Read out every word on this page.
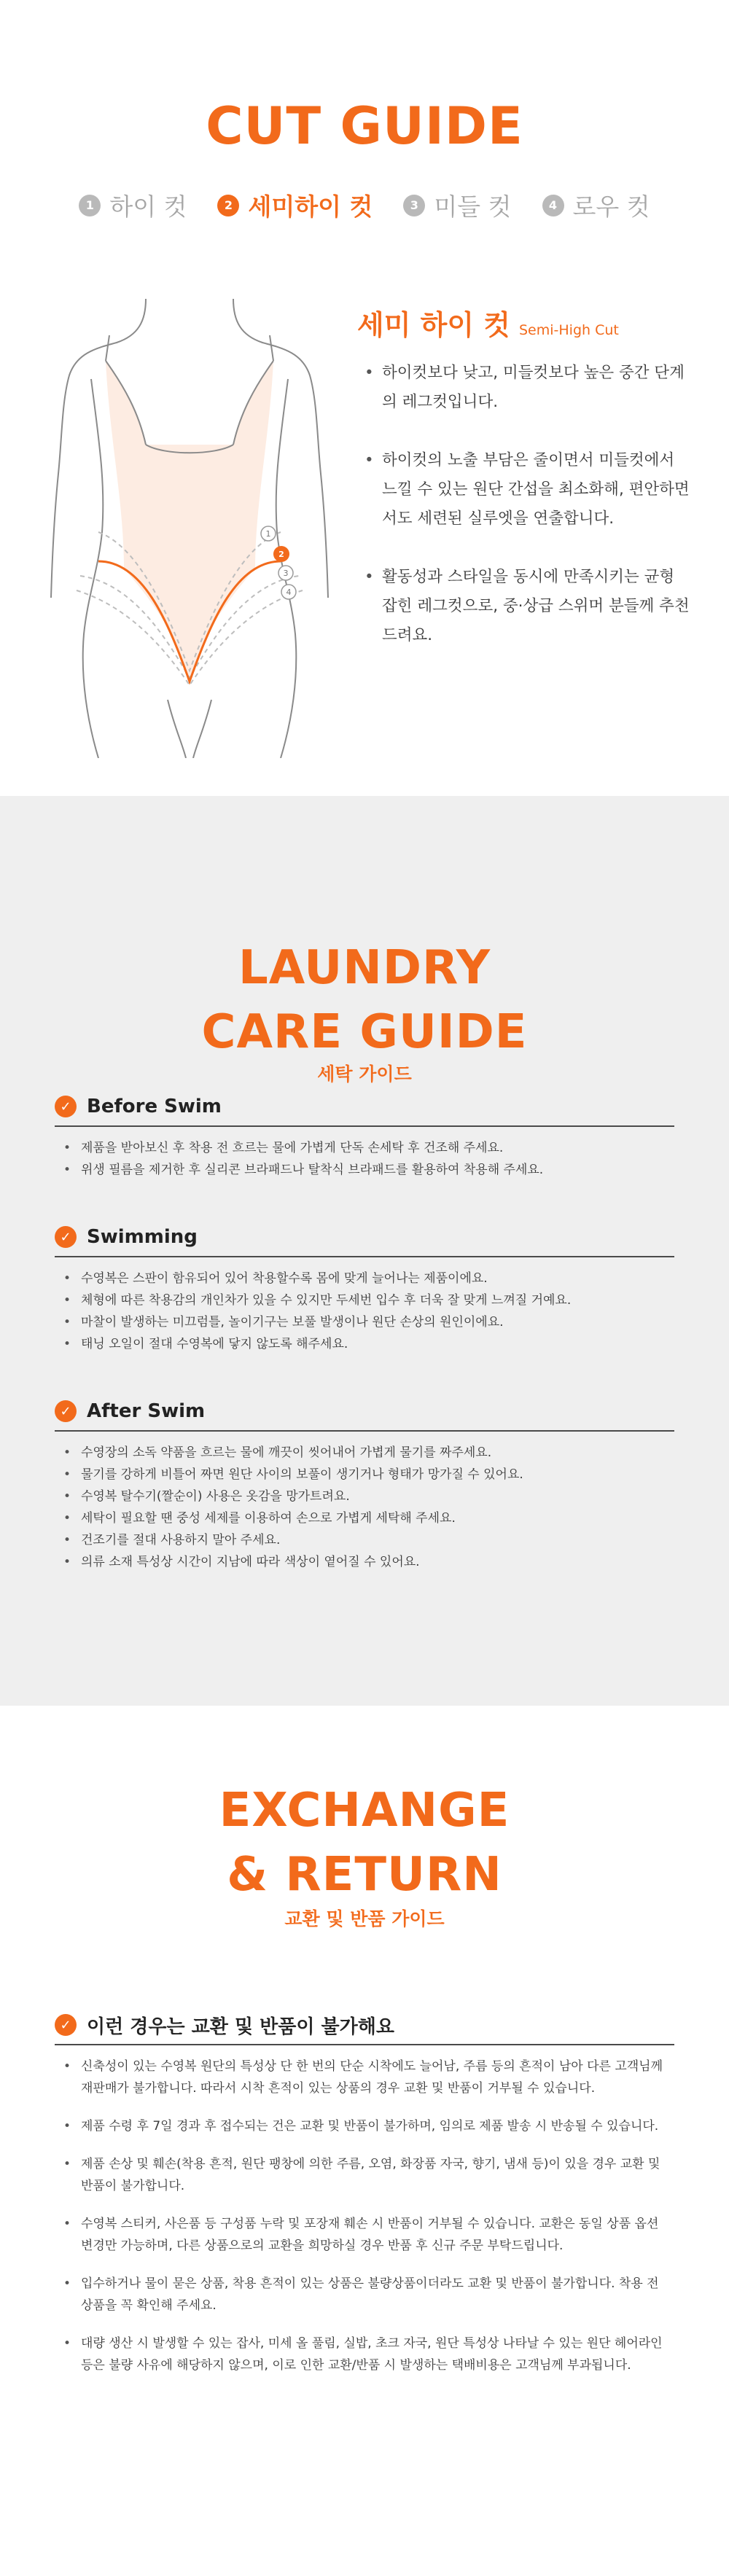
CUT GUIDE
1 하이 컷	2 세미하이 컷	3 미들 컷	4 로우 컷
1
2
3
4
세미 하이 컷 Semi-High Cut
• 하이컷보다 낮고, 미들컷보다 높은 중간 단계의 레그컷입니다.
• 하이컷의 노출 부담은 줄이면서 미들컷에서 느낄 수 있는 원단 간섭을 최소화해, 편안하면서도 세련된 실루엣을 연출합니다.
• 활동성과 스타일을 동시에 만족시키는 균형 잡힌 레그컷으로, 중·상급 스위머 분들께 추천드려요.
LAUNDRY
CARE GUIDE
세탁 가이드
✓ Before Swim
• 제품을 받아보신 후 착용 전 흐르는 물에 가볍게 단독 손세탁 후 건조해 주세요.
• 위생 필름을 제거한 후 실리콘 브라패드나 탈착식 브라패드를 활용하여 착용해 주세요.
✓ Swimming
• 수영복은 스판이 함유되어 있어 착용할수록 몸에 맞게 늘어나는 제품이에요.
• 체형에 따른 착용감의 개인차가 있을 수 있지만 두세번 입수 후 더욱 잘 맞게 느껴질 거예요.
• 마찰이 발생하는 미끄럼틀, 놀이기구는 보풀 발생이나 원단 손상의 원인이에요.
• 태닝 오일이 절대 수영복에 닿지 않도록 해주세요.
✓ After Swim
• 수영장의 소독 약품을 흐르는 물에 깨끗이 씻어내어 가볍게 물기를 짜주세요.
• 물기를 강하게 비틀어 짜면 원단 사이의 보풀이 생기거나 형태가 망가질 수 있어요.
• 수영복 탈수기(짤순이) 사용은 옷감을 망가트려요.
• 세탁이 필요할 땐 중성 세제를 이용하여 손으로 가볍게 세탁해 주세요.
• 건조기를 절대 사용하지 말아 주세요.
• 의류 소재 특성상 시간이 지남에 따라 색상이 옅어질 수 있어요.
EXCHANGE
& RETURN
교환 및 반품 가이드
✓ 이런 경우는 교환 및 반품이 불가해요
• 신축성이 있는 수영복 원단의 특성상 단 한 번의 단순 시착에도 늘어남, 주름 등의 흔적이 남아 다른 고객님께 재판매가 불가합니다. 따라서 시착 흔적이 있는 상품의 경우 교환 및 반품이 거부될 수 있습니다.
• 제품 수령 후 7일 경과 후 접수되는 건은 교환 및 반품이 불가하며, 임의로 제품 발송 시 반송될 수 있습니다.
• 제품 손상 및 훼손(착용 흔적, 원단 팽창에 의한 주름, 오염, 화장품 자국, 향기, 냄새 등)이 있을 경우 교환 및 반품이 불가합니다.
• 수영복 스티커, 사은품 등 구성품 누락 및 포장재 훼손 시 반품이 거부될 수 있습니다. 교환은 동일 상품 옵션 변경만 가능하며, 다른 상품으로의 교환을 희망하실 경우 반품 후 신규 주문 부탁드립니다.
• 입수하거나 물이 묻은 상품, 착용 흔적이 있는 상품은 불량상품이더라도 교환 및 반품이 불가합니다. 착용 전 상품을 꼭 확인해 주세요.
• 대량 생산 시 발생할 수 있는 잡사, 미세 올 풀림, 실밥, 초크 자국, 원단 특성상 나타날 수 있는 원단 헤어라인 등은 불량 사유에 해당하지 않으며, 이로 인한 교환/반품 시 발생하는 택배비용은 고객님께 부과됩니다.
